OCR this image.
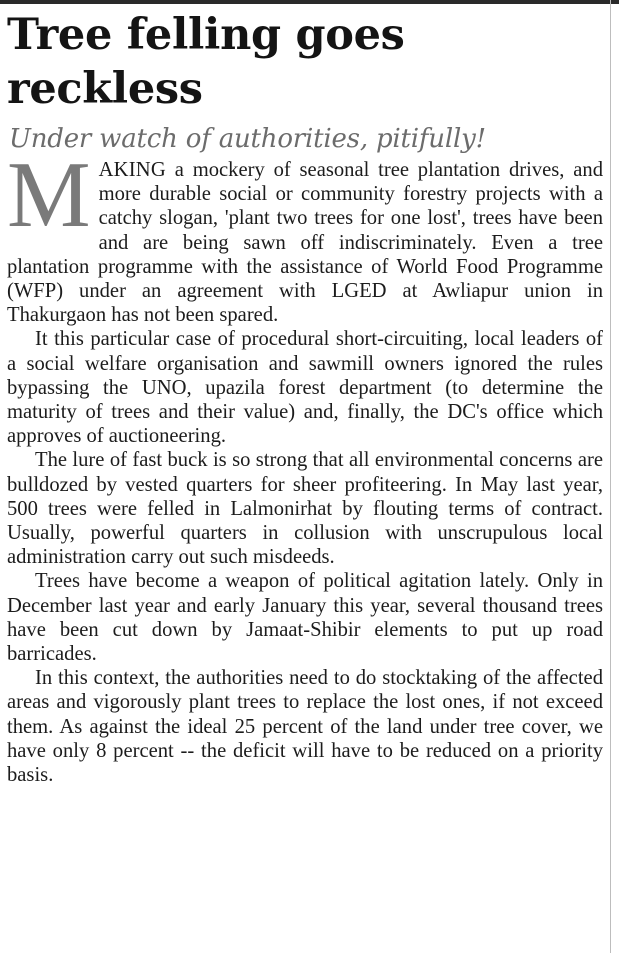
Tree felling goes reckless
Under watch of authorities, pitifully!

MAKING a mockery of seasonal tree plantation drives, and more durable social or community forestry projects with a catchy slogan, 'plant two trees for one lost', trees have been and are being sawn off indiscriminately. Even a tree plantation programme with the assistance of World Food Programme (WFP) under an agreement with LGED at Awliapur union in Thakurgaon has not been spared.

It this particular case of procedural short-circuiting, local leaders of a social welfare organisation and sawmill owners ignored the rules bypassing the UNO, upazila forest department (to determine the maturity of trees and their value) and, finally, the DC's office which approves of auctioneering.

The lure of fast buck is so strong that all environmental concerns are bulldozed by vested quarters for sheer profiteering. In May last year, 500 trees were felled in Lalmonirhat by flouting terms of contract. Usually, powerful quarters in collusion with unscrupulous local administration carry out such misdeeds.

Trees have become a weapon of political agitation lately. Only in December last year and early January this year, several thousand trees have been cut down by Jamaat-Shibir elements to put up road barricades.

In this context, the authorities need to do stocktaking of the affected areas and vigorously plant trees to replace the lost ones, if not exceed them. As against the ideal 25 percent of the land under tree cover, we have only 8 percent -- the deficit will have to be reduced on a priority basis.
